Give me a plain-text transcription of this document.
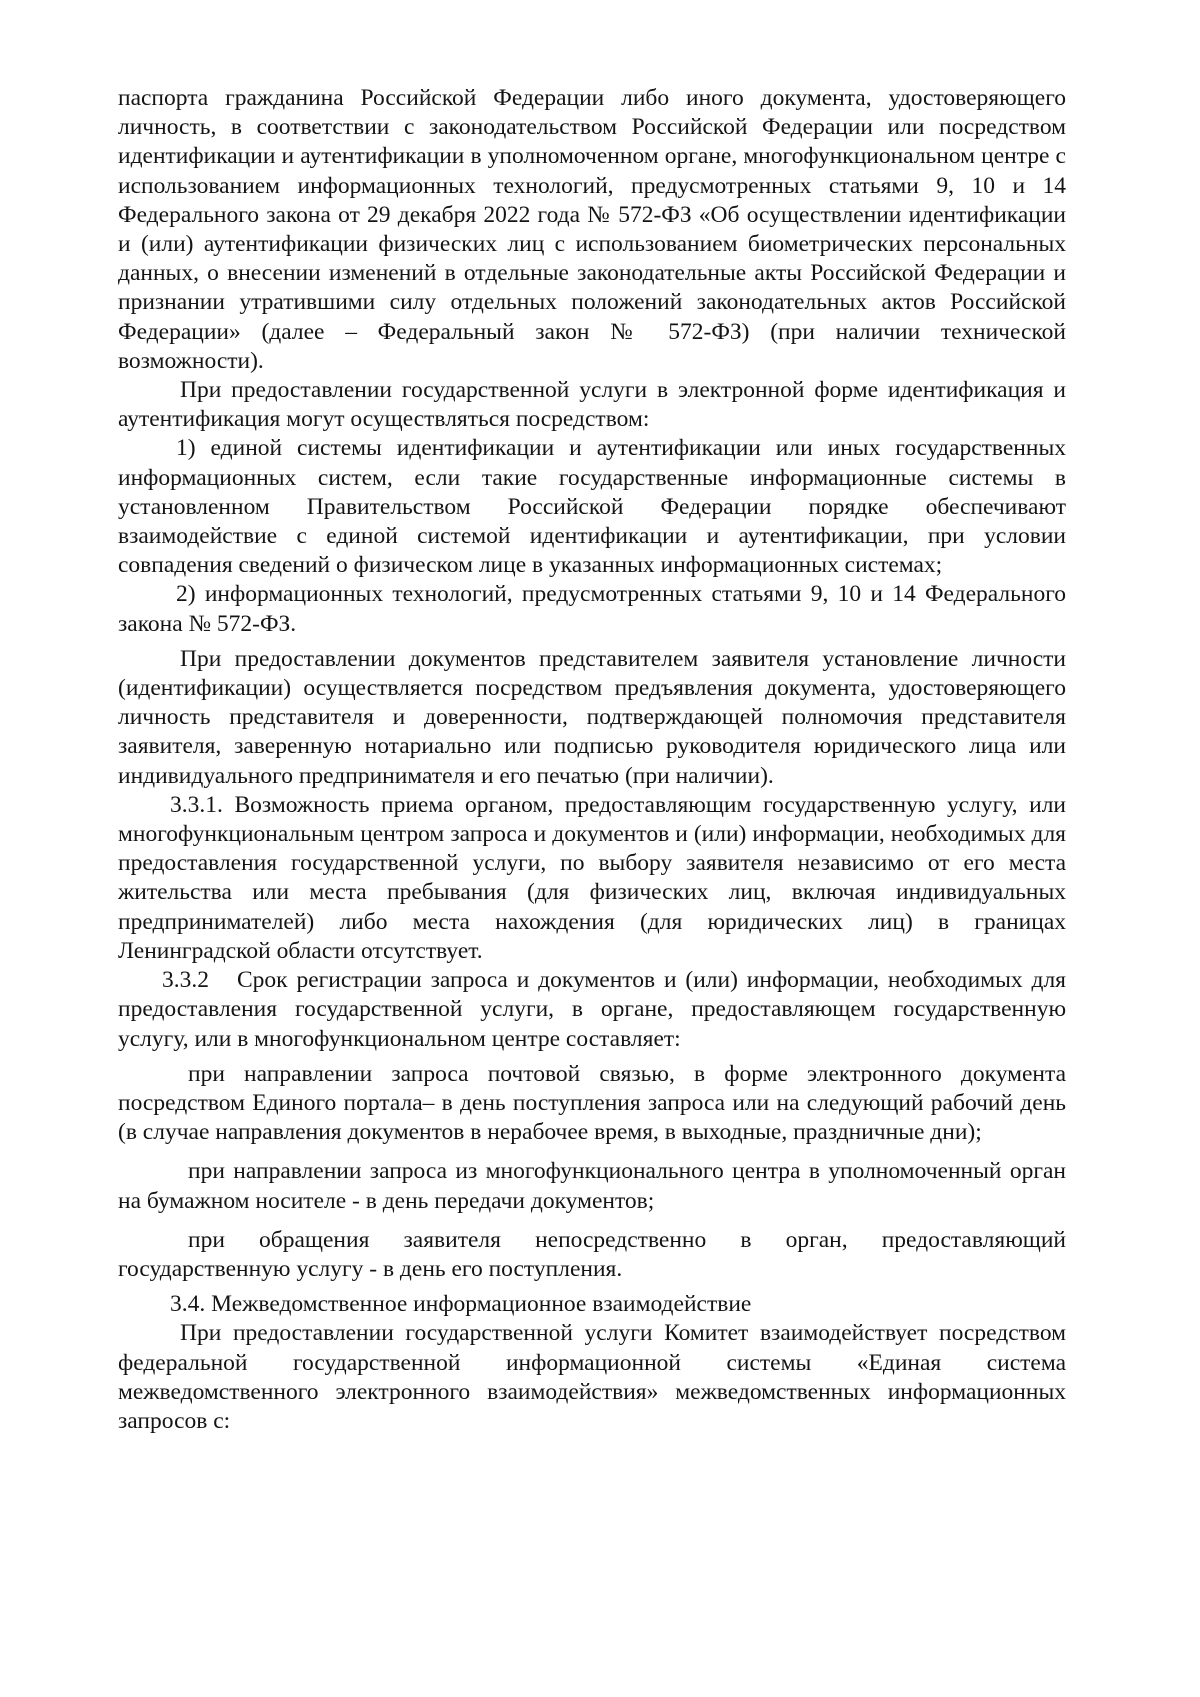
паспорта гражданина Российской Федерации либо иного документа, удостоверяющего личность, в соответствии с законодательством Российской Федерации или посредством идентификации и аутентификации в уполномоченном органе, многофункциональном центре с использованием информационных технологий, предусмотренных статьями 9, 10 и 14 Федерального закона от 29 декабря 2022 года № 572-ФЗ «Об осуществлении идентификации и (или) аутентификации физических лиц с использованием биометрических персональных данных, о внесении изменений в отдельные законодательные акты Российской Федерации и признании утратившими силу отдельных положений законодательных актов Российской Федерации» (далее – Федеральный закон № 572-ФЗ) (при наличии технической возможности).

При предоставлении государственной услуги в электронной форме идентификация и аутентификация могут осуществляться посредством:

1) единой системы идентификации и аутентификации или иных государственных информационных систем, если такие государственные информационные системы в установленном Правительством Российской Федерации порядке обеспечивают взаимодействие с единой системой идентификации и аутентификации, при условии совпадения сведений о физическом лице в указанных информационных системах;

2) информационных технологий, предусмотренных статьями 9, 10 и 14 Федерального закона № 572-ФЗ.

При предоставлении документов представителем заявителя установление личности (идентификации) осуществляется посредством предъявления документа, удостоверяющего личность представителя и доверенности, подтверждающей полномочия представителя заявителя, заверенную нотариально или подписью руководителя юридического лица или индивидуального предпринимателя и его печатью (при наличии).

3.3.1. Возможность приема органом, предоставляющим государственную услугу, или многофункциональным центром запроса и документов и (или) информации, необходимых для предоставления государственной услуги, по выбору заявителя независимо от его места жительства или места пребывания (для физических лиц, включая индивидуальных предпринимателей) либо места нахождения (для юридических лиц) в границах Ленинградской области отсутствует.

3.3.2 Срок регистрации запроса и документов и (или) информации, необходимых для предоставления государственной услуги, в органе, предоставляющем государственную услугу, или в многофункциональном центре составляет:

при направлении запроса почтовой связью, в форме электронного документа посредством Единого портала– в день поступления запроса или на следующий рабочий день (в случае направления документов в нерабочее время, в выходные, праздничные дни);

при направлении запроса из многофункционального центра в уполномоченный орган на бумажном носителе - в день передачи документов;

при обращения заявителя непосредственно в орган, предоставляющий государственную услугу - в день его поступления.

3.4. Межведомственное информационное взаимодействие

При предоставлении государственной услуги Комитет взаимодействует посредством федеральной государственной информационной системы «Единая система межведомственного электронного взаимодействия» межведомственных информационных запросов с:
